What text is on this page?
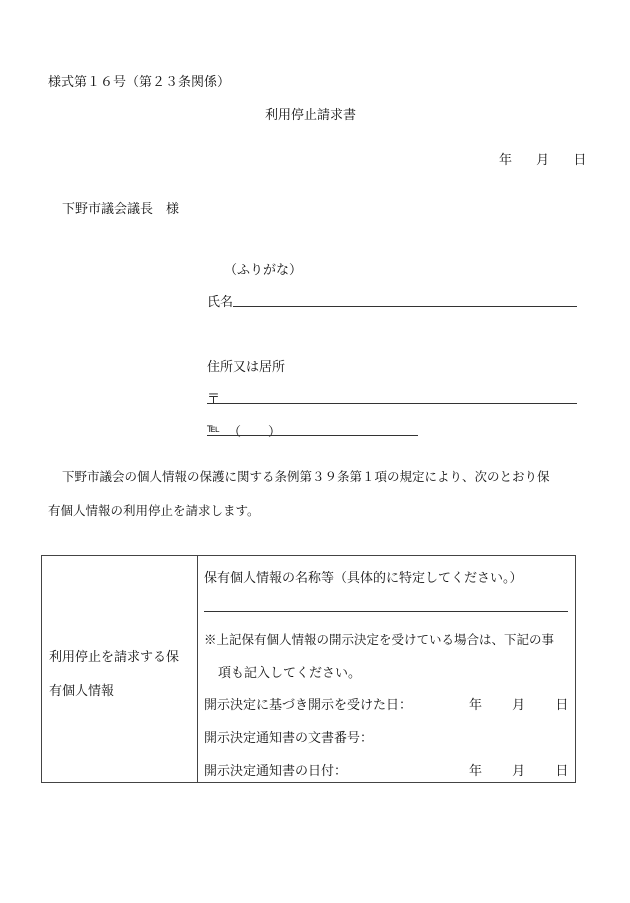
様式第１６号（第２３条関係）
利用停止請求書
年 月 日
下野市議会議長　様
（ふりがな）
氏名
住所又は居所
〒
℡ （ ）
下野市議会の個人情報の保護に関する条例第３９条第１項の規定により、次のとおり保
有個人情報の利用停止を請求します。
利用停止を請求する保
有個人情報

保有個人情報の名称等（具体的に特定してください。）
※上記保有個人情報の開示決定を受けている場合は、下記の事
項も記入してください。
開示決定に基づき開示を受けた日：	年 月 日
開示決定通知書の文書番号：
開示決定通知書の日付：	年 月 日
